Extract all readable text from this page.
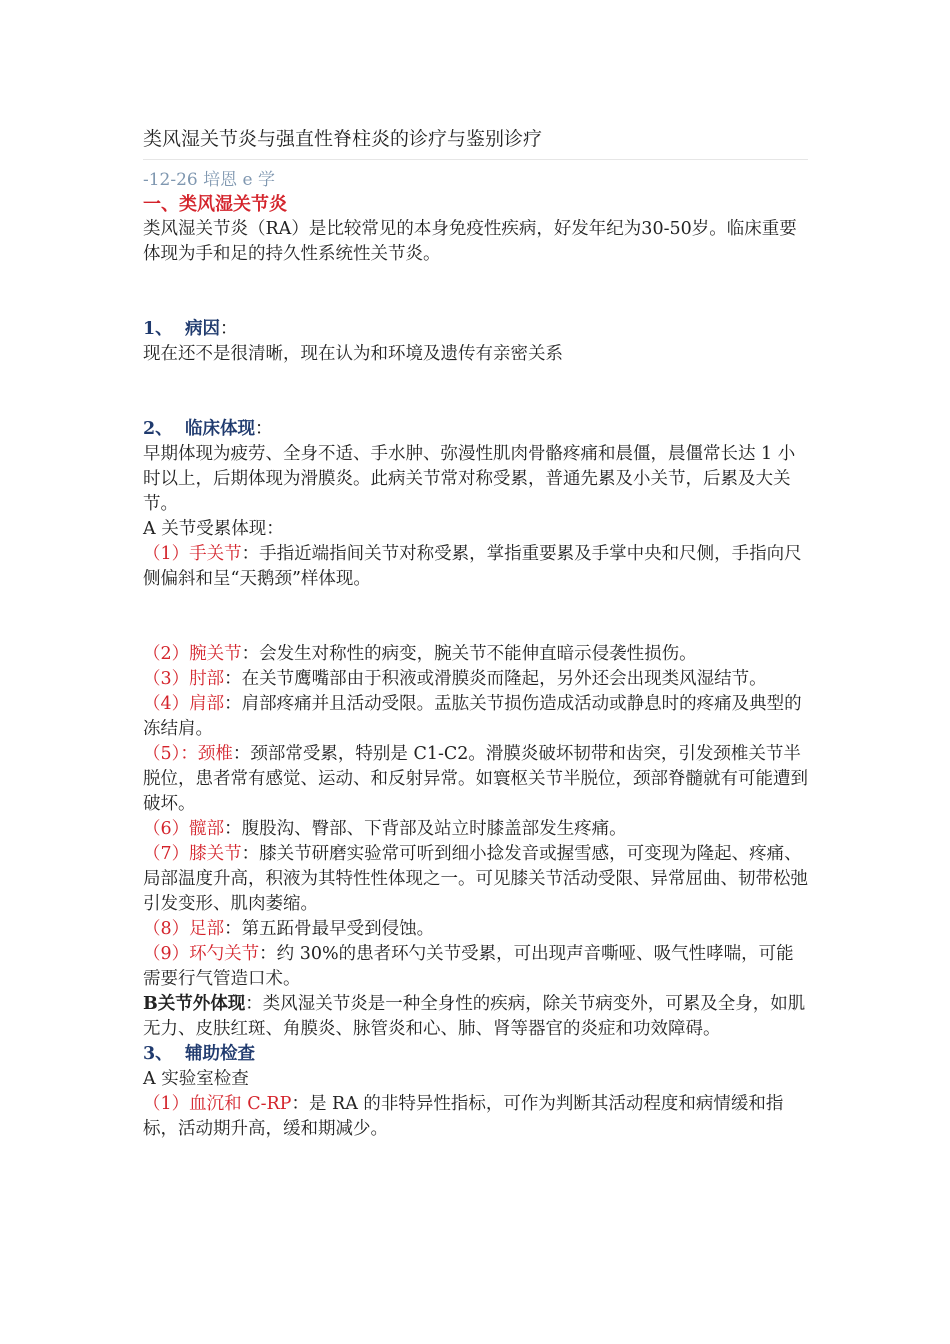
类风湿关节炎与强直性脊柱炎的诊疗与鉴别诊疗
-12-26 培恩 e 学
一、类风湿关节炎

类风湿关节炎（RA）是比较常见的本身免疫性疾病，好发年纪为30-50岁。临床重要体现为手和足的持久性系统性关节炎。

1、 病因：

现在还不是很清晰，现在认为和环境及遗传有亲密关系

2、 临床体现：

早期体现为疲劳、全身不适、手水肿、弥漫性肌肉骨骼疼痛和晨僵，晨僵常长达 1 小时以上，后期体现为滑膜炎。此病关节常对称受累，普通先累及小关节，后累及大关节。

A 关节受累体现：

（1）手关节：手指近端指间关节对称受累，掌指重要累及手掌中央和尺侧，手指向尺侧偏斜和呈“天鹅颈”样体现。

（2）腕关节：会发生对称性的病变，腕关节不能伸直暗示侵袭性损伤。

（3）肘部：在关节鹰嘴部由于积液或滑膜炎而隆起，另外还会出现类风湿结节。

（4）肩部：肩部疼痛并且活动受限。盂肱关节损伤造成活动或静息时的疼痛及典型的冻结肩。

（5）：颈椎：颈部常受累，特别是 C1-C2。滑膜炎破坏韧带和齿突，引发颈椎关节半脱位，患者常有感觉、运动、和反射异常。如寰枢关节半脱位，颈部脊髓就有可能遭到破坏。

（6）髋部：腹股沟、臀部、下背部及站立时膝盖部发生疼痛。

（7）膝关节：膝关节研磨实验常可听到细小捻发音或握雪感，可变现为隆起、疼痛、局部温度升高，积液为其特性性体现之一。可见膝关节活动受限、异常屈曲、韧带松弛引发变形、肌肉萎缩。

（8）足部：第五跖骨最早受到侵蚀。

（9）环勺关节：约 30%的患者环勺关节受累，可出现声音嘶哑、吸气性哮喘，可能需要行气管造口术。

B关节外体现：类风湿关节炎是一种全身性的疾病，除关节病变外，可累及全身，如肌无力、皮肤红斑、角膜炎、脉管炎和心、肺、肾等器官的炎症和功效障碍。

3、 辅助检查

A 实验室检查

（1）血沉和 C-RP：是 RA 的非特异性指标，可作为判断其活动程度和病情缓和指标，活动期升高，缓和期减少。
